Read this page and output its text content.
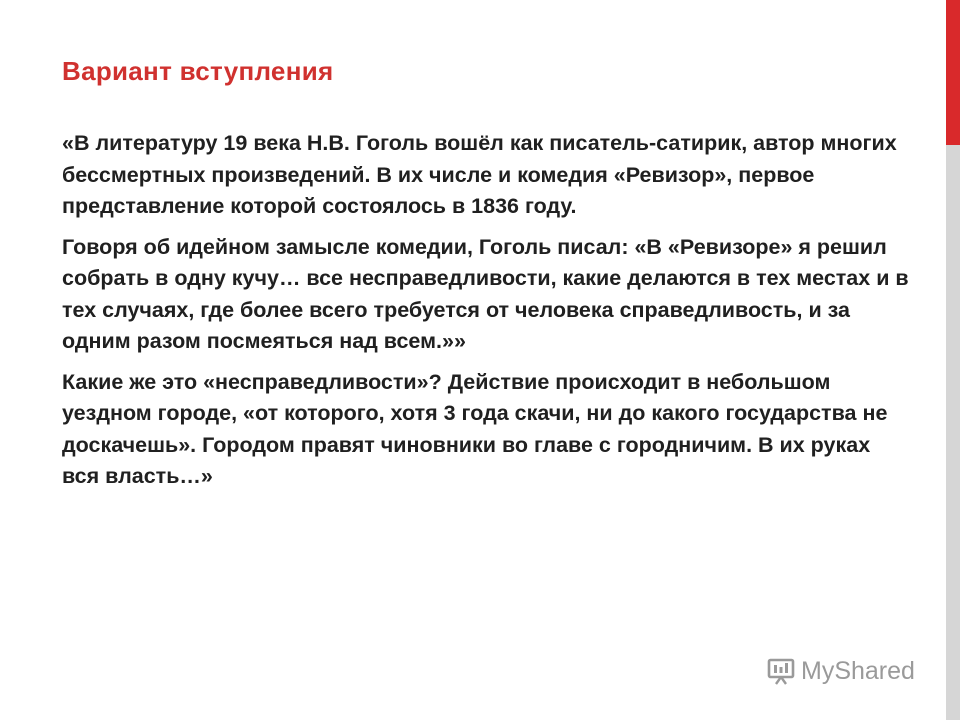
Вариант вступления

«В литературу 19 века Н.В. Гоголь вошёл как писатель-сатирик, автор многих бессмертных произведений. В их числе и комедия «Ревизор», первое представление которой состоялось в 1836 году.

Говоря об идейном замысле комедии, Гоголь писал: «В «Ревизоре» я решил собрать в одну кучу… все несправедливости, какие делаются в тех местах и в тех случаях, где более всего требуется от человека справедливость, и за одним разом посмеяться над всем.»»

Какие же это «несправедливости»? Действие происходит в небольшом уездном городе, «от которого, хотя 3 года скачи, ни до какого государства не доскачешь». Городом правят чиновники во главе с городничим. В их руках вся власть…»

MyShared
